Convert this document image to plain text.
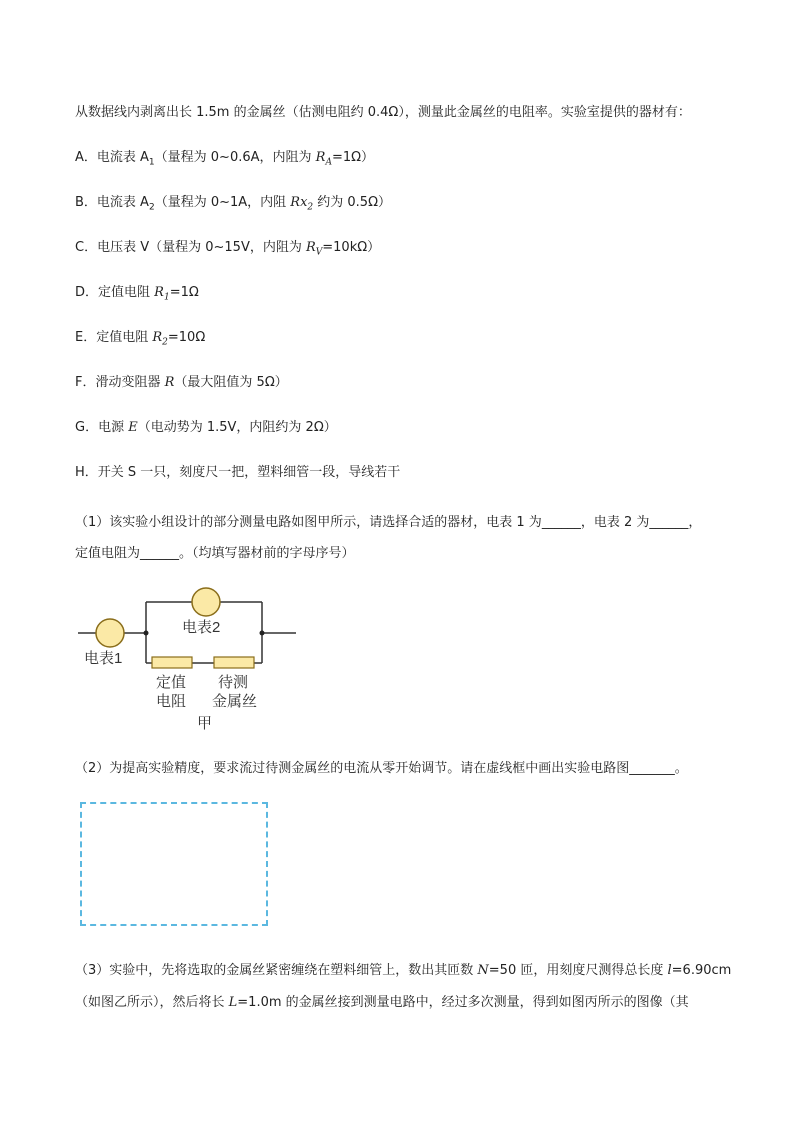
从数据线内剥离出长 1.5m 的金属丝（估测电阻约 0.4Ω），测量此金属丝的电阻率。实验室提供的器材有：
A．电流表 $A_1$（量程为 0~0.6A，内阻为 $R_A=1\Omega$）
B．电流表 $A_2$（量程为 0~1A，内阻 $Rx_2$ 约为 0.5Ω）
C．电压表 V（量程为 0~15V，内阻为 $R_V=10k\Omega$）
D．定值电阻 $R_1=1\Omega$
E．定值电阻 $R_2=10\Omega$
F．滑动变阻器 R（最大阻值为 5Ω）
G．电源 E（电动势为 1.5V，内阻约为 2Ω）
H．开关 S 一只，刻度尺一把，塑料细管一段，导线若干
（1）该实验小组设计的部分测量电路如图甲所示，请选择合适的器材，电表 1 为______，电表 2 为______，
定值电阻为______。（均填写器材前的字母序号）
电表1
电表2
定值
电阻
待测
金属丝
甲
（2）为提高实验精度，要求流过待测金属丝的电流从零开始调节。请在虚线框中画出实验电路图_______。
（3）实验中，先将选取的金属丝紧密缠绕在塑料细管上，数出其匝数 N=50 匝，用刻度尺测得总长度 l=6.90cm
（如图乙所示），然后将长 L=1.0m 的金属丝接到测量电路中，经过多次测量，得到如图丙所示的图像（其
